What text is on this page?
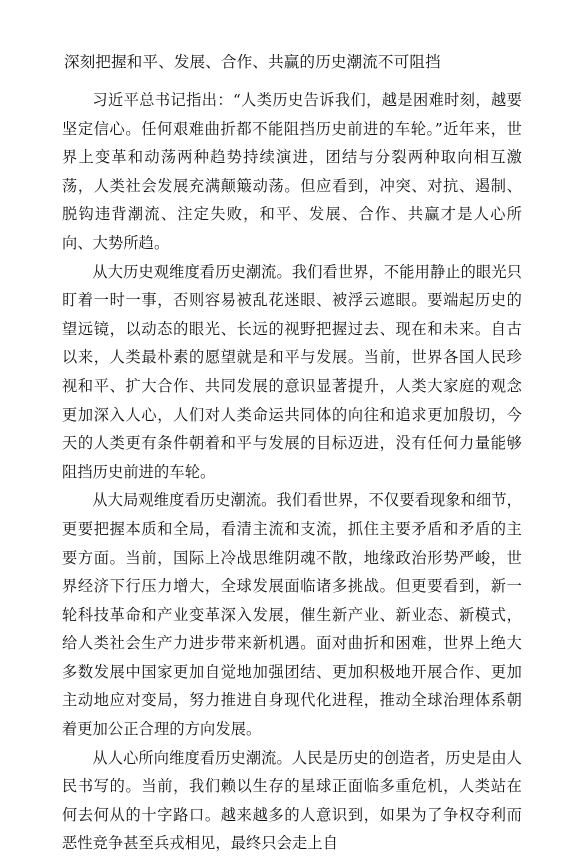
深刻把握和平、发展、合作、共赢的历史潮流不可阻挡

习近平总书记指出：“人类历史告诉我们，越是困难时刻，越要坚定信心。任何艰难曲折都不能阻挡历史前进的车轮。”近年来，世界上变革和动荡两种趋势持续演进，团结与分裂两种取向相互激荡，人类社会发展充满颠簸动荡。但应看到，冲突、对抗、遏制、脱钩违背潮流、注定失败，和平、发展、合作、共赢才是人心所向、大势所趋。

从大历史观维度看历史潮流。我们看世界，不能用静止的眼光只盯着一时一事，否则容易被乱花迷眼、被浮云遮眼。要端起历史的望远镜，以动态的眼光、长远的视野把握过去、现在和未来。自古以来，人类最朴素的愿望就是和平与发展。当前，世界各国人民珍视和平、扩大合作、共同发展的意识显著提升，人类大家庭的观念更加深入人心，人们对人类命运共同体的向往和追求更加殷切，今天的人类更有条件朝着和平与发展的目标迈进，没有任何力量能够阻挡历史前进的车轮。

从大局观维度看历史潮流。我们看世界，不仅要看现象和细节，更要把握本质和全局，看清主流和支流，抓住主要矛盾和矛盾的主要方面。当前，国际上冷战思维阴魂不散，地缘政治形势严峻，世界经济下行压力增大，全球发展面临诸多挑战。但更要看到，新一轮科技革命和产业变革深入发展，催生新产业、新业态、新模式，给人类社会生产力进步带来新机遇。面对曲折和困难，世界上绝大多数发展中国家更加自觉地加强团结、更加积极地开展合作、更加主动地应对变局，努力推进自身现代化进程，推动全球治理体系朝着更加公正合理的方向发展。

从人心所向维度看历史潮流。人民是历史的创造者，历史是由人民书写的。当前，我们赖以生存的星球正面临多重危机，人类站在何去何从的十字路口。越来越多的人意识到，如果为了争权夺利而恶性竞争甚至兵戎相见，最终只会走上自
